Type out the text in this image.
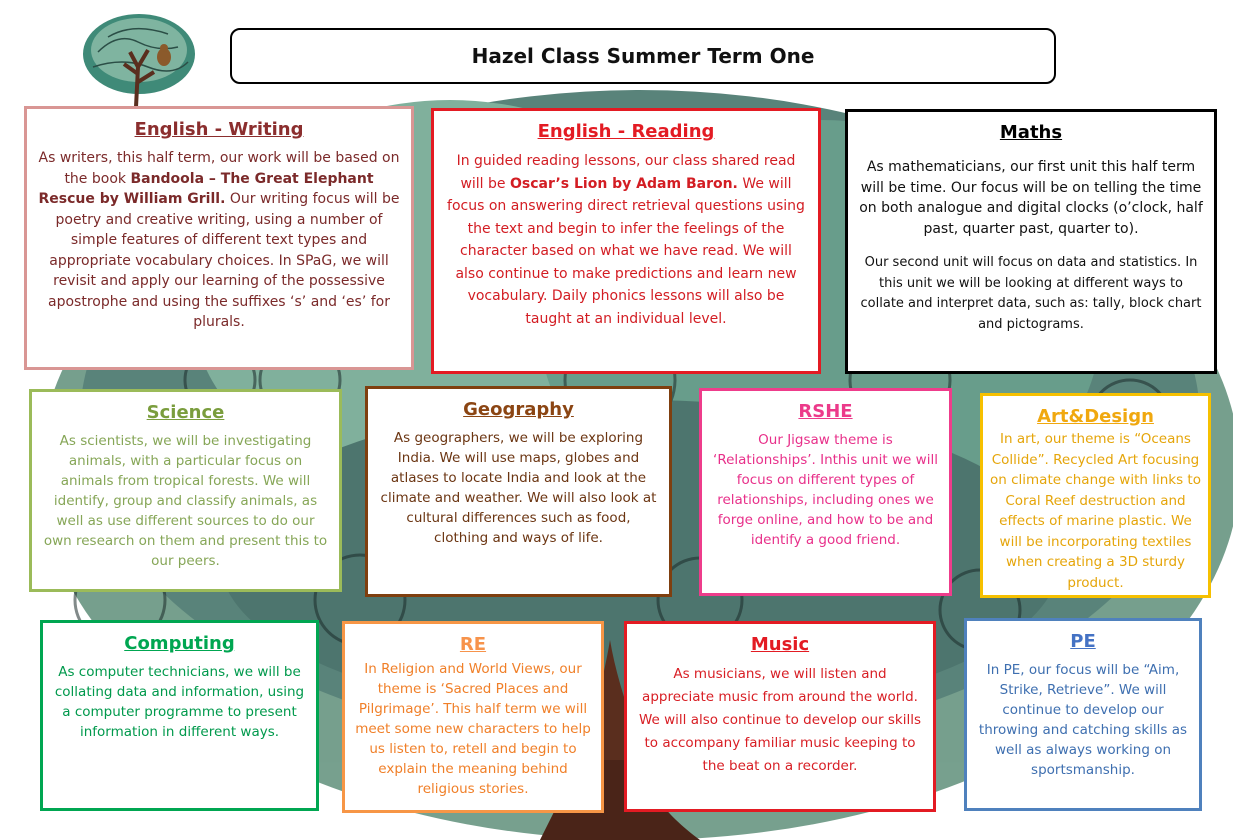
Hazel Class Summer Term One
English - Writing

As writers, this half term, our work will be based on the book Bandoola – The Great Elephant Rescue by William Grill. Our writing focus will be poetry and creative writing, using a number of simple features of different text types and appropriate vocabulary choices. In SPaG, we will revisit and apply our learning of the possessive apostrophe and using the suffixes ‘s’ and ‘es’ for plurals.

English - Reading

In guided reading lessons, our class shared read will be Oscar’s Lion by Adam Baron. We will focus on answering direct retrieval questions using the text and begin to infer the feelings of the character based on what we have read. We will also continue to make predictions and learn new vocabulary. Daily phonics lessons will also be taught at an individual level.

Maths

As mathematicians, our first unit this half term will be time. Our focus will be on telling the time on both analogue and digital clocks (o’clock, half past, quarter past, quarter to).

Our second unit will focus on data and statistics. In this unit we will be looking at different ways to collate and interpret data, such as: tally, block chart and pictograms.

Science

As scientists, we will be investigating animals, with a particular focus on animals from tropical forests. We will identify, group and classify animals, as well as use different sources to do our own research on them and present this to our peers.

Geography

As geographers, we will be exploring India. We will use maps, globes and atlases to locate India and look at the climate and weather. We will also look at cultural differences such as food, clothing and ways of life.

RSHE

Our Jigsaw theme is ‘Relationships’. Inthis unit we will focus on different types of relationships, including ones we forge online, and how to be and identify a good friend.

Art&Design

In art, our theme is “Oceans Collide”. Recycled Art focusing on climate change with links to Coral Reef destruction and effects of marine plastic. We will be incorporating textiles when creating a 3D sturdy product.

Computing

As computer technicians, we will be collating data and information, using a computer programme to present information in different ways.

RE

In Religion and World Views, our theme is ‘Sacred Places and Pilgrimage’. This half term we will meet some new characters to help us listen to, retell and begin to explain the meaning behind religious stories.

Music

As musicians, we will listen and appreciate music from around the world. We will also continue to develop our skills to accompany familiar music keeping to the beat on a recorder.

PE

In PE, our focus will be “Aim, Strike, Retrieve”. We will continue to develop our throwing and catching skills as well as always working on sportsmanship.
